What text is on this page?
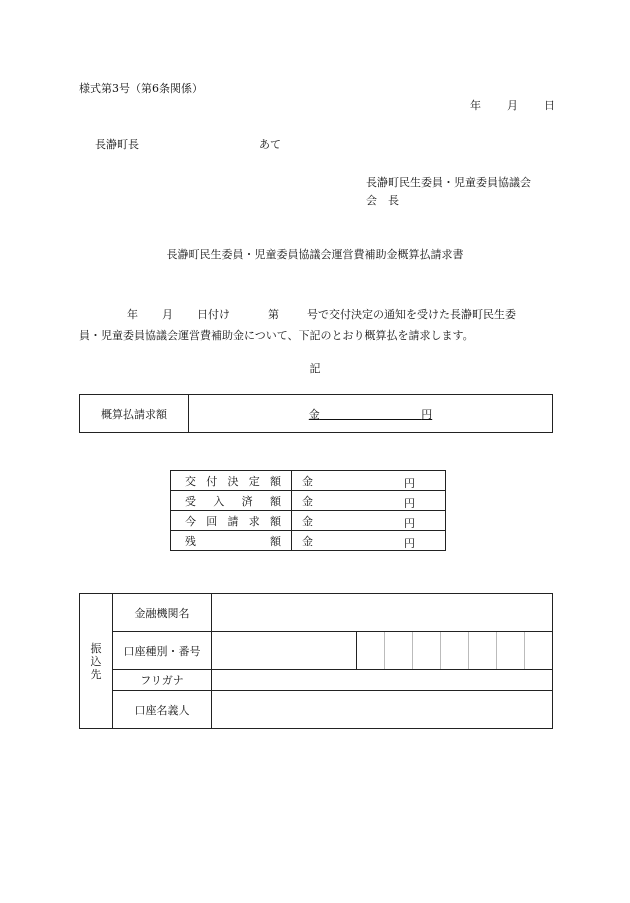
様式第3号（第6条関係）
年 月 日
長瀞町長	あて
長瀞町民生委員・児童委員協議会
会　長
長瀞町民生委員・児童委員協議会運営費補助金概算払請求書
年 月 日付け	第	号で交付決定の通知を受けた長瀞町民生委
員・児童委員協議会運営費補助金について、下記のとおり概算払を請求します。
記
概算払請求額	金	円
交付決定額	金 円

受入済額	金 円

今回請求額	金 円

残額	金 円
振込先	金融機関名	
	口座種別・番号	

	フリガナ	
	口座名義人	
